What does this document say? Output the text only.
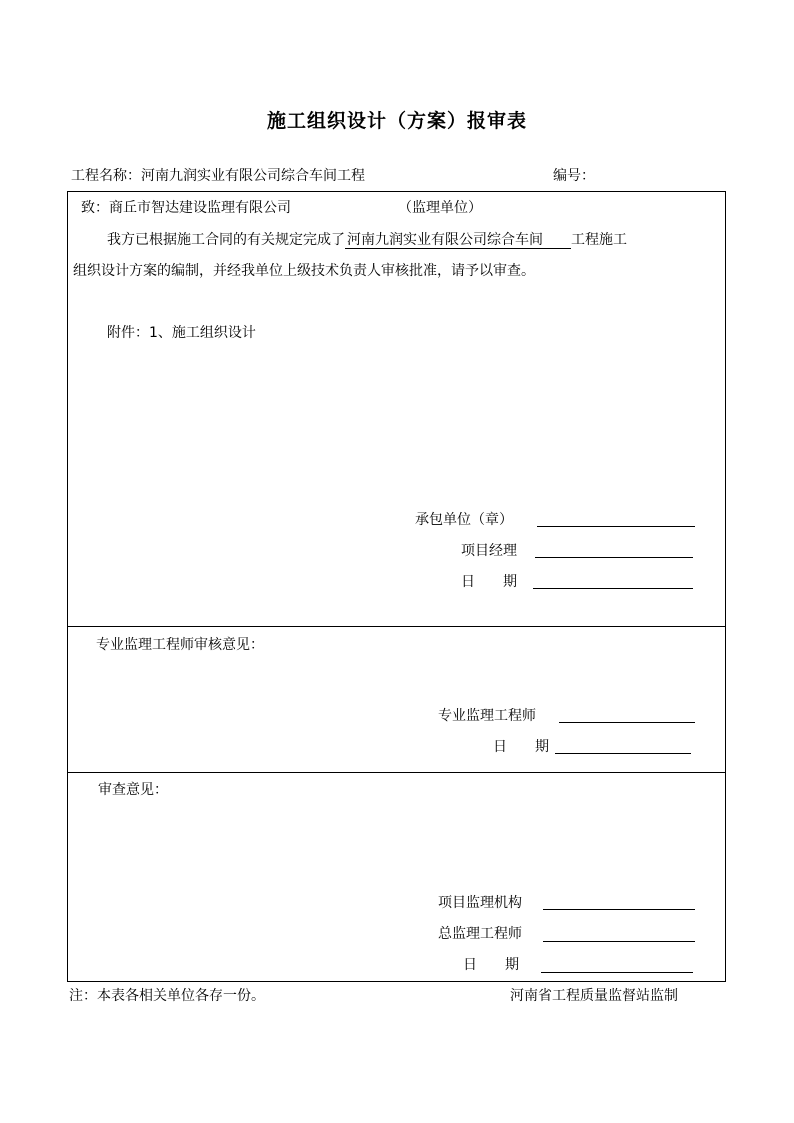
施工组织设计（方案）报审表
工程名称：河南九润实业有限公司综合车间工程	编号：
致：商丘市智达建设监理有限公司	（监理单位）
我方已根据施工合同的有关规定完成了 河南九润实业有限公司综合车间 工程施工
组织设计方案的编制，并经我单位上级技术负责人审核批准，请予以审查。
附件：1、施工组织设计
承包单位（章）
项目经理
日　　期
专业监理工程师审核意见：
专业监理工程师
日　　期
审查意见：
项目监理机构
总监理工程师
日　　期
注：本表各相关单位各存一份。	河南省工程质量监督站监制
